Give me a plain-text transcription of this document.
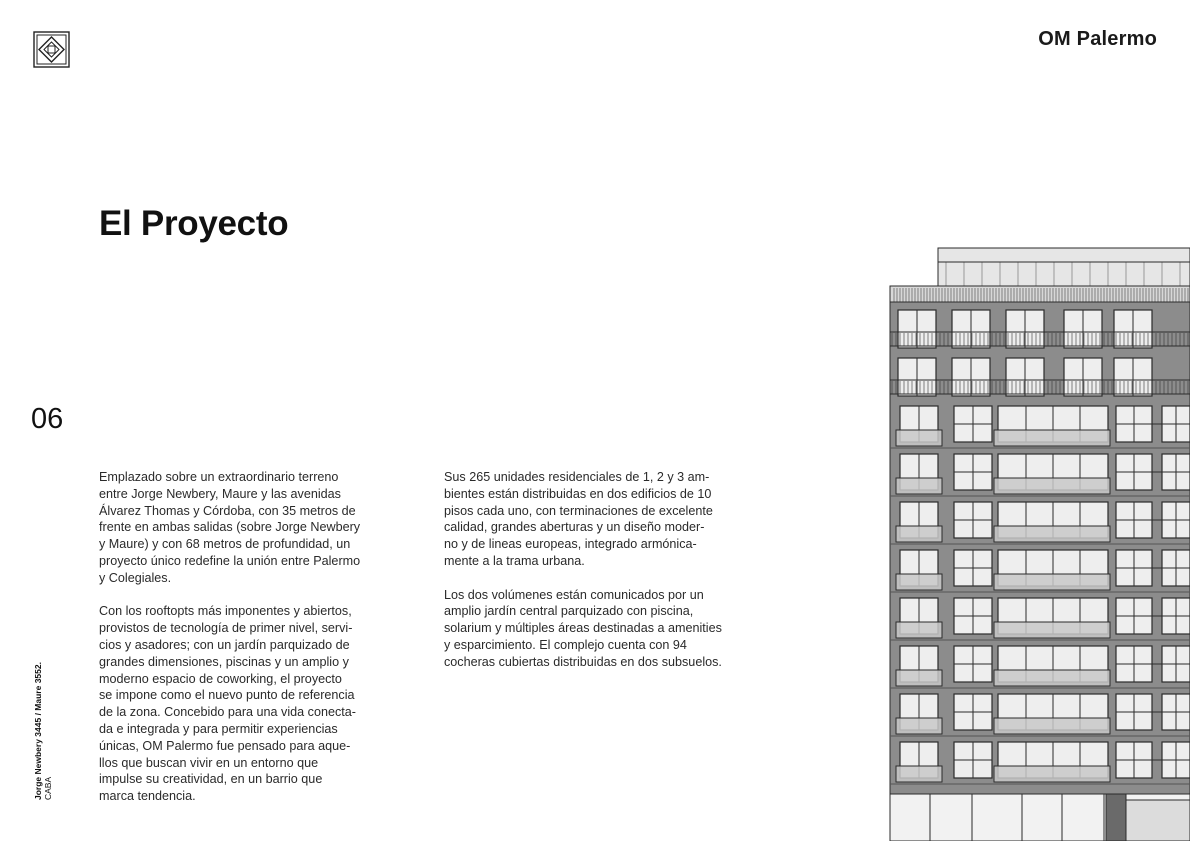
OM Palermo
El Proyecto
06

Emplazado sobre un extraordinario terreno
entre Jorge Newbery, Maure y las avenidas
Álvarez Thomas y Córdoba, con 35 metros de
frente en ambas salidas (sobre Jorge Newbery
y Maure) y con 68 metros de profundidad, un
proyecto único redefine la unión entre Palermo
y Colegiales.

Con los rooftopts más imponentes y abiertos,
provistos de tecnología de primer nivel, servi-
cios y asadores; con un jardín parquizado de
grandes dimensiones, piscinas y un amplio y
moderno espacio de coworking, el proyecto
se impone como el nuevo punto de referencia
de la zona. Concebido para una vida conecta-
da e integrada y para permitir experiencias
únicas, OM Palermo fue pensado para aque-
llos que buscan vivir en un entorno que
impulse su creatividad, en un barrio que
marca tendencia.

Sus 265 unidades residenciales de 1, 2 y 3 am-
bientes están distribuidas en dos edificios de 10
pisos cada uno, con terminaciones de excelente
calidad, grandes aberturas y un diseño moder-
no y de lineas europeas, integrado armónica-
mente a la trama urbana.

Los dos volúmenes están comunicados por un
amplio jardín central parquizado con piscina,
solarium y múltiples áreas destinadas a amenities
y esparcimiento. El complejo cuenta con 94
cocheras cubiertas distribuidas en dos subsuelos.

Jorge Newbery 3445 / Maure 3552. CABA
